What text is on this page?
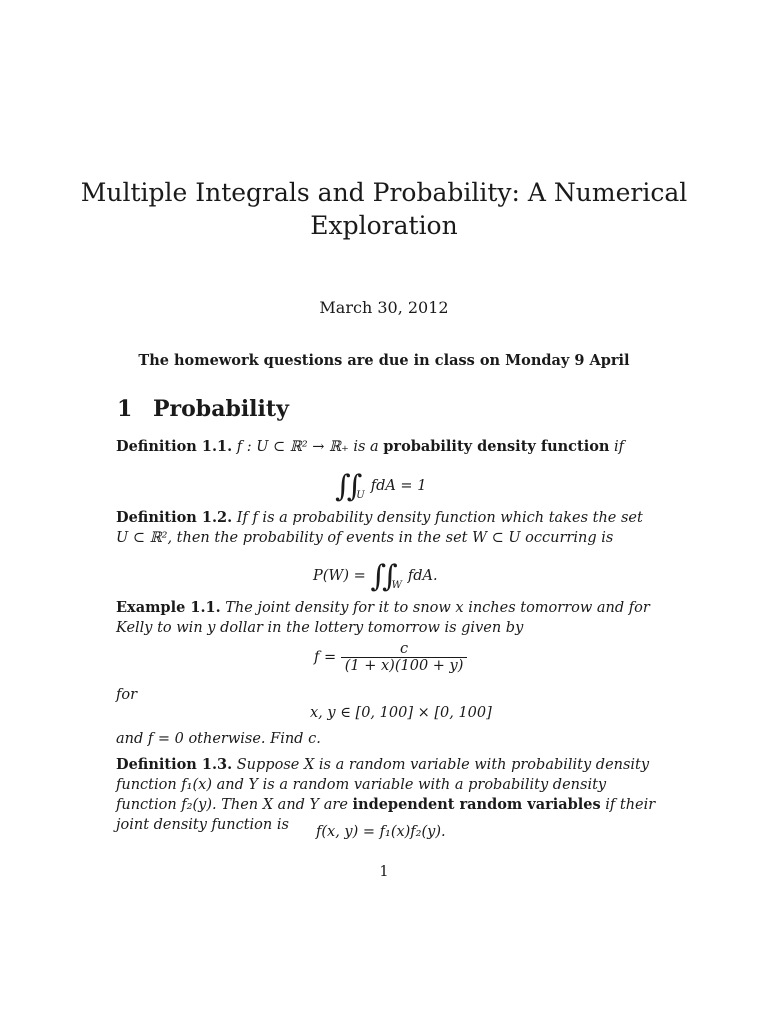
Multiple Integrals and Probability: A Numerical
Exploration
March 30, 2012
The homework questions are due in class on Monday 9 April
1 Probability
Definition 1.1. f : U ⊂ ℝ² → ℝ₊ is a probability density function if
$\int\int_UfdA = 1$
Definition 1.2. If f is a probability density function which takes the set U ⊂ ℝ², then the probability of events in the set W ⊂ U occurring is
$P(W) = \int\int_WfdA$.
Example 1.1. The joint density for it to snow x inches tomorrow and for Kelly to win y dollar in the lottery tomorrow is given by
$f = \frac{c}{(1 + x)(100 + y)}$
for
x, y ∈ [0, 100] × [0, 100]
and f = 0 otherwise. Find c.
Definition 1.3. Suppose X is a random variable with probability density function f₁(x) and Y is a random variable with a probability density function f₂(y). Then X and Y are independent random variables if their joint density function is	f(x, y) = f₁(x)f₂(y).
1
